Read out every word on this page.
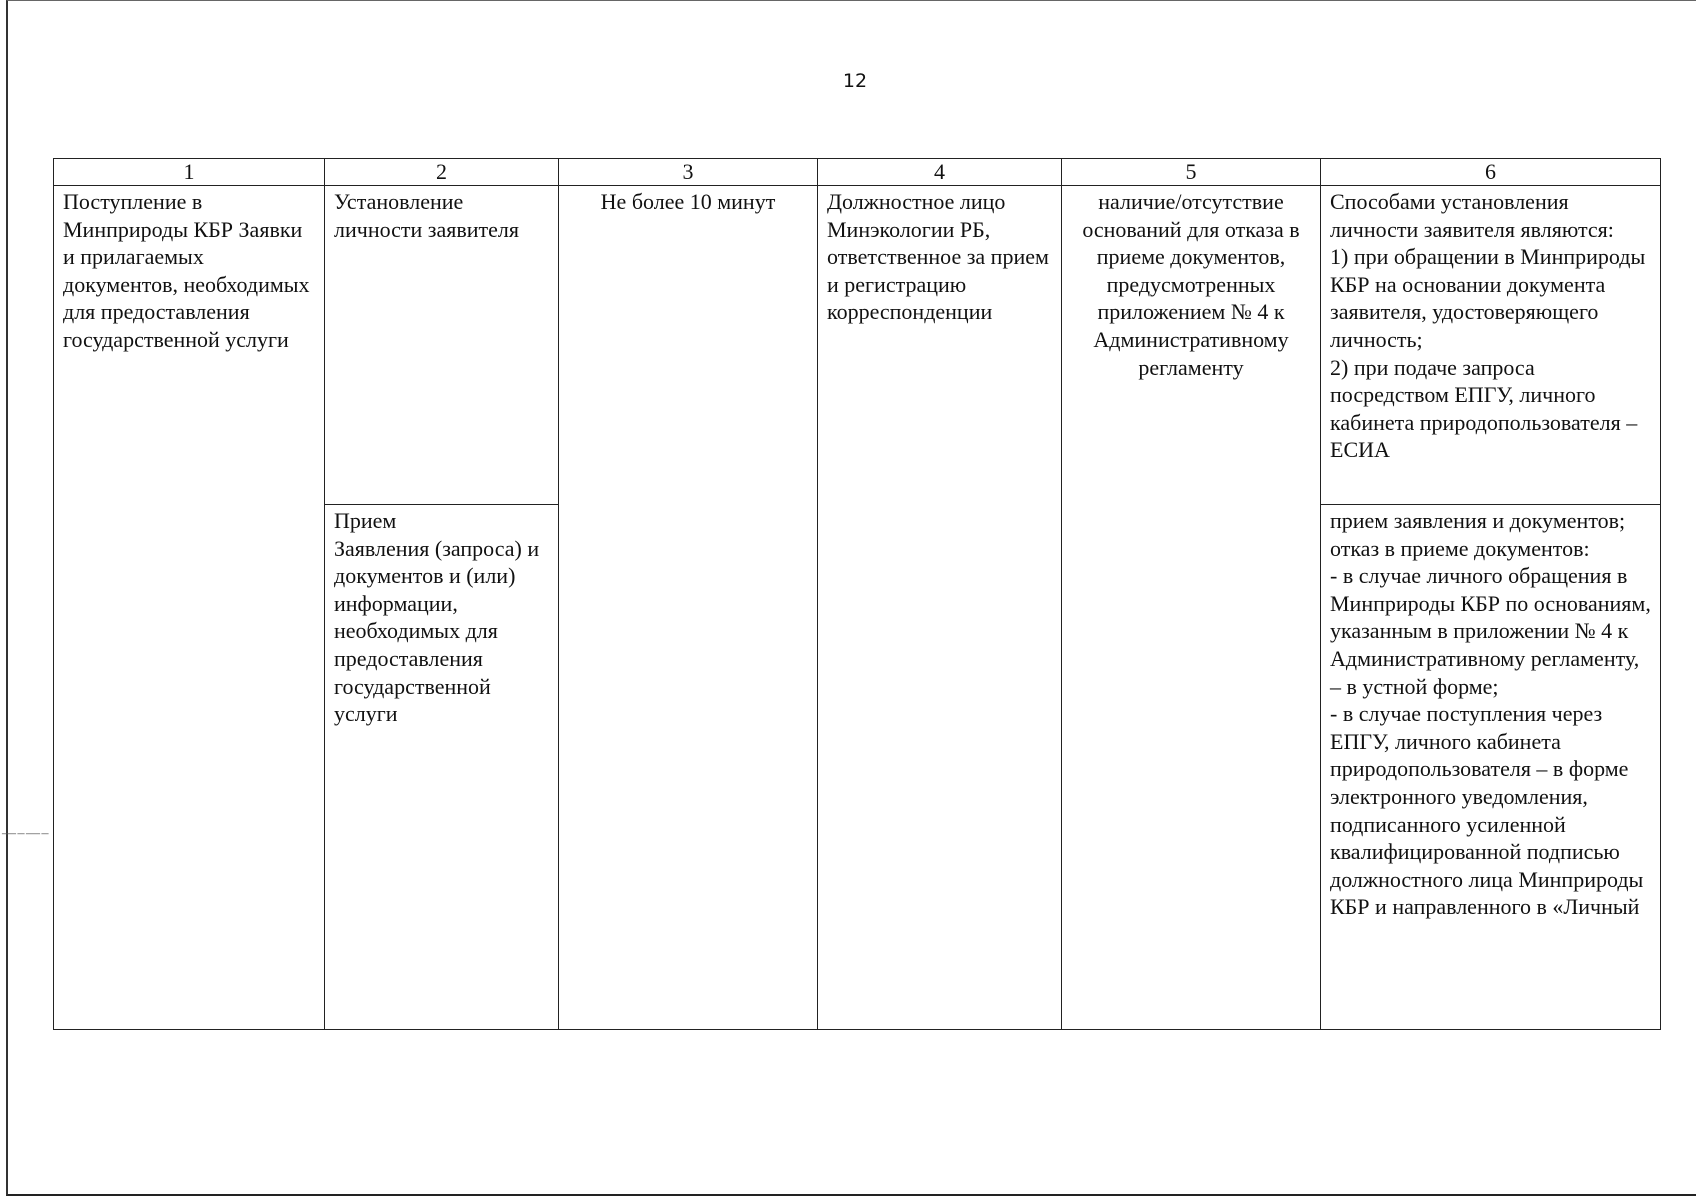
12
1	2	3	4	5	6
Поступление в Минприроды КБР Заявки и прилагаемых документов, необходимых для предоставления государственной услуги	Установление личности заявителя	Не более 10 минут	Должностное лицо Минэкологии РБ, ответственное за прием и регистрацию корреспонденции	наличие/отсутствие оснований для отказа в приеме документов, предусмотренных приложением № 4 к Административному регламенту	Способами установления личности заявителя являются:
1) при обращении в Минприроды КБР на основании документа заявителя, удостоверяющего личность;
2) при подаче запроса посредством ЕПГУ, личного кабинета природопользователя – ЕСИА
	Прием
Заявления (запроса) и документов и (или) информации, необходимых для предоставления государственной услуги				прием заявления и документов;
отказ в приеме документов:
- в случае личного обращения в Минприроды КБР по основаниям, указанным в приложении № 4 к Административному регламенту, – в устной форме;
- в случае поступления через ЕПГУ, личного кабинета природопользователя – в форме электронного уведомления, подписанного усиленной квалифицированной подписью должностного лица Минприроды КБР и направленного в «Личный
— – — –
